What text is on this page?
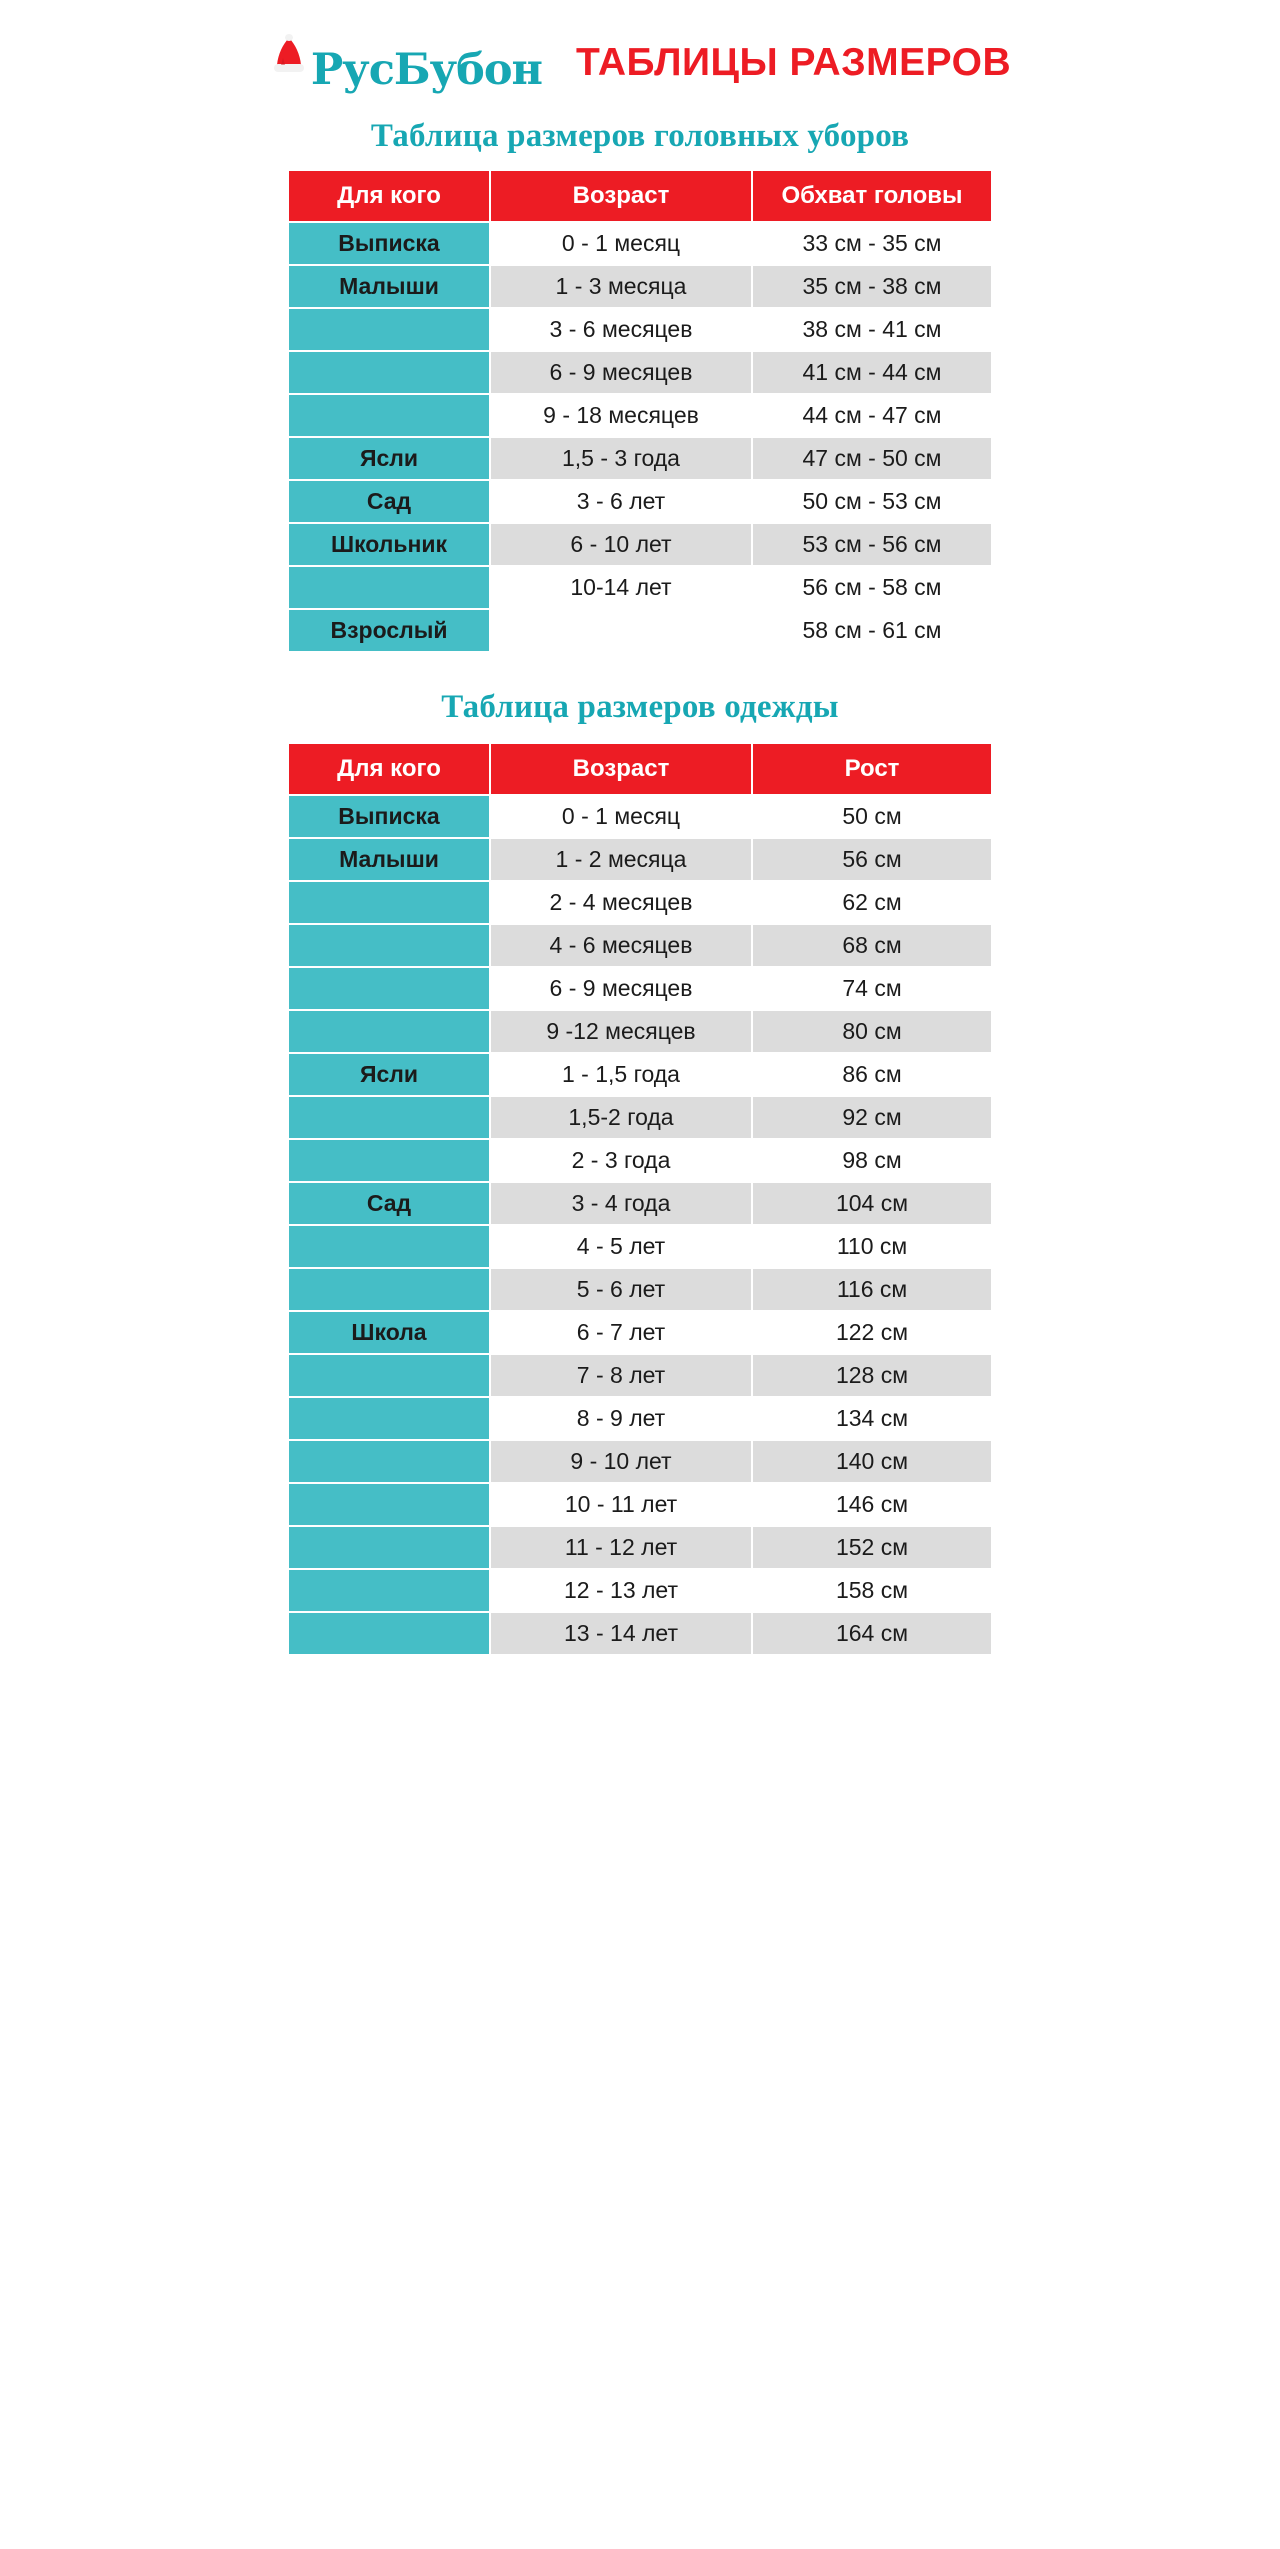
РусБубон ТАБЛИЦЫ РАЗМЕРОВ
Таблица размеров головных уборов
Для кого	Возраст	Обхват головы
Выписка	0 - 1 месяц	33 см - 35 см
Малыши	1 - 3 месяца	35 см - 38 см
	3 - 6 месяцев	38 см - 41 см
	6 - 9 месяцев	41 см - 44 см
	9 - 18 месяцев	44 см - 47 см
Ясли	1,5 - 3 года	47 см - 50 см
Сад	3 - 6 лет	50 см - 53 см
Школьник	6 - 10 лет	53 см - 56 см
	10-14 лет	56 см - 58 см
Взрослый		58 см - 61 см
Таблица размеров одежды
Для кого	Возраст	Рост
Выписка	0 - 1 месяц	50 см
Малыши	1 - 2 месяца	56 см
	2 - 4 месяцев	62 см
	4 - 6 месяцев	68 см
	6 - 9 месяцев	74 см
	9 -12 месяцев	80 см
Ясли	1 - 1,5 года	86 см
	1,5-2 года	92 см
	2 - 3 года	98 см
Сад	3 - 4 года	104 см
	4 - 5 лет	110 см
	5 - 6 лет	116 см
Школа	6 - 7 лет	122 см
	7 - 8 лет	128 см
	8 - 9 лет	134 см
	9 - 10 лет	140 см
	10 - 11 лет	146 см
	11 - 12 лет	152 см
	12 - 13 лет	158 см
	13 - 14 лет	164 см
